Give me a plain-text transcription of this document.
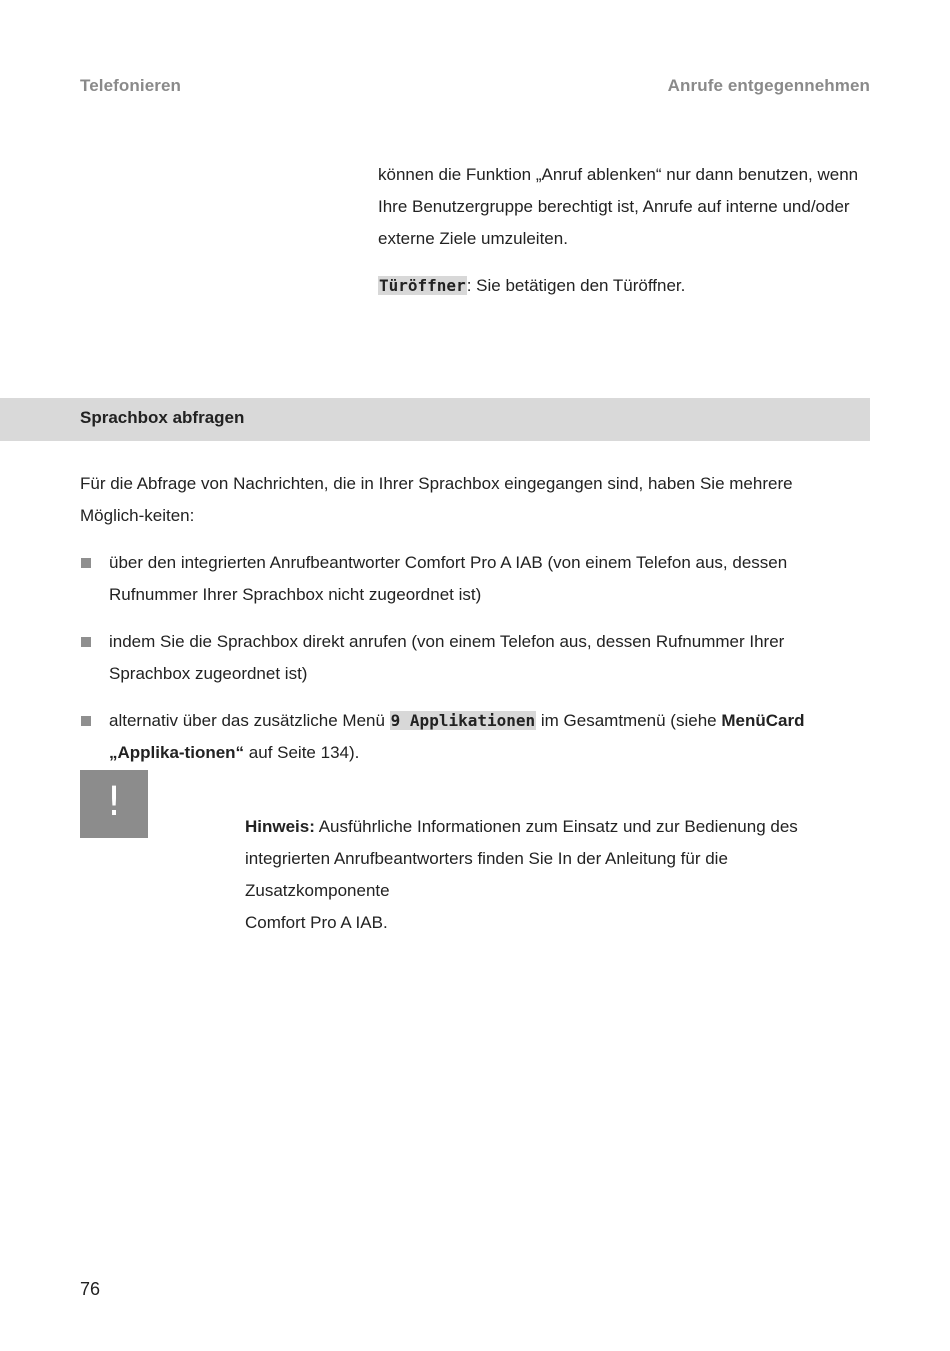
Telefonieren	Anrufe entgegennehmen
können die Funktion „Anruf ablenken“ nur dann benutzen, wenn Ihre Benutzergruppe berechtigt ist, Anrufe auf interne und/oder externe Ziele umzuleiten.
Türöffner: Sie betätigen den Türöffner.
Sprachbox abfragen
Für die Abfrage von Nachrichten, die in Ihrer Sprachbox eingegangen sind, haben Sie mehrere Möglich-keiten:
über den integrierten Anrufbeantworter Comfort Pro A IAB (von einem Telefon aus, dessen Rufnummer Ihrer Sprachbox nicht zugeordnet ist)
indem Sie die Sprachbox direkt anrufen (von einem Telefon aus, dessen Rufnummer Ihrer Sprachbox zugeordnet ist)
alternativ über das zusätzliche Menü 9 Applikationen im Gesamtmenü (siehe MenüCard „Applika-tionen“ auf Seite 134).
!
Hinweis: Ausführliche Informationen zum Einsatz und zur Bedienung des integrierten Anrufbeantworters finden Sie In der Anleitung für die Zusatzkomponente
Comfort Pro A IAB.
76
